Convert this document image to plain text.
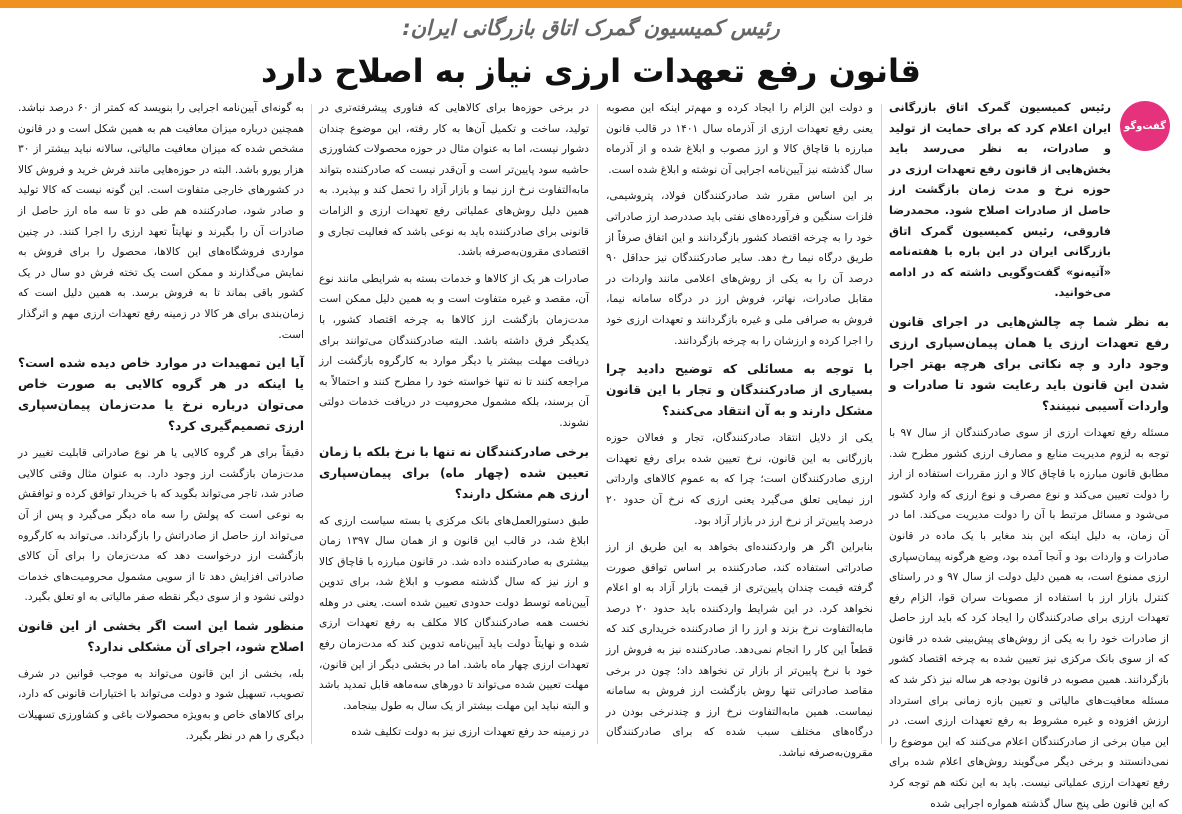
رئیس کمیسیون گمرک اتاق بازرگانی ایران:
قانون رفع تعهدات ارزی نیاز به اصلاح دارد
گفت‌وگو

رئیس کمیسیون گمرک اتاق بازرگانی ایران اعلام کرد که برای حمایت از تولید و صادرات، به نظر می‌رسد باید بخش‌هایی از قانون رفع تعهدات ارزی در حوزه نرخ و مدت زمان بازگشت ارز حاصل از صادرات اصلاح شود. محمدرضا فاروقی، رئیس کمیسیون گمرک اتاق بازرگانی ایران در این باره با هفته‌نامه «آتیه‌نو» گفت‌وگویی داشته که در ادامه می‌خوانید.

به نظر شما چه چالش‌هایی در اجرای قانون رفع تعهدات ارزی یا همان پیمان‌سپاری ارزی وجود دارد و چه نکاتی برای هرچه بهتر اجرا شدن این قانون باید رعایت شود تا صادرات و واردات آسیبی نبینند؟

مسئله رفع تعهدات ارزی از سوی صادرکنندگان از سال ۹۷ با توجه به لزوم مدیریت منابع و مصارف ارزی کشور مطرح شد. مطابق قانون مبارزه با قاچاق کالا و ارز مقررات استفاده از ارز را دولت تعیین می‌کند و نوع مصرف و نوع ارزی که وارد کشور می‌شود و مسائل مرتبط با آن را دولت مدیریت می‌کند. اما در آن زمان، به دلیل اینکه این بند مغایر با یک ماده در قانون صادرات و واردات بود و آنجا آمده بود، وضع هرگونه پیمان‌سپاری ارزی ممنوع است، به همین دلیل دولت از سال ۹۷ و در راستای کنترل بازار ارز با استفاده از مصوبات سران قوا، الزام رفع تعهدات ارزی برای صادرکنندگان را ایجاد کرد که باید ارز حاصل از صادرات خود را به یکی از روش‌های پیش‌بینی شده در قانون که از سوی بانک مرکزی نیز تعیین شده به چرخه اقتصاد کشور بازگردانند. همین مصوبه در قانون بودجه هر ساله نیز ذکر شد که مسئله معافیت‌های مالیاتی و تعیین بازه زمانی برای استرداد ارزش افزوده و غیره مشروط به رفع تعهدات ارزی است. در این میان برخی از صادرکنندگان اعلام می‌کنند که این موضوع را نمی‌دانستند و برخی دیگر می‌گویند روش‌های اعلام شده برای رفع تعهدات ارزی عملیاتی نیست. باید به این نکته هم توجه کرد که این قانون طی پنج سال گذشته همواره اجرایی شده

و دولت این الزام را ایجاد کرده و مهم‌تر اینکه این مصوبه یعنی رفع تعهدات ارزی از آذرماه سال ۱۴۰۱ در قالب قانون مبارزه با قاچاق کالا و ارز مصوب و ابلاغ شده و از آذرماه سال گذشته نیز آیین‌نامه اجرایی آن نوشته و ابلاغ شده است.

بر این اساس مقرر شد صادرکنندگان فولاد، پتروشیمی، فلزات سنگین و فرآورده‌های نفتی باید صددرصد ارز صادراتی خود را به چرخه اقتصاد کشور بازگردانند و این اتفاق صرفاً از طریق درگاه نیما رخ دهد. سایر صادرکنندگان نیز حداقل ۹۰ درصد آن را به یکی از روش‌های اعلامی مانند واردات در مقابل صادرات، نهاتر، فروش ارز در درگاه سامانه نیما، فروش به صرافی ملی و غیره بازگردانند و تعهدات ارزی خود را اجرا کرده و ارزشان را به چرخه بازگردانند.

با توجه به مسائلی که توضیح دادید چرا بسیاری از صادرکنندگان و تجار با این قانون مشکل دارند و به آن انتقاد می‌کنند؟

یکی از دلایل انتقاد صادرکنندگان، تجار و فعالان حوزه بازرگانی به این قانون، نرخ تعیین شده برای رفع تعهدات ارزی صادرکنندگان است؛ چرا که به عموم کالاهای وارداتی ارز نیمایی تعلق می‌گیرد یعنی ارزی که نرخ آن حدود ۲۰ درصد پایین‌تر از نرخ ارز در بازار آزاد بود.

بنابراین اگر هر وارد‌کننده‌ای بخواهد به این طریق از ارز صادراتی استفاده کند، صادرکننده بر اساس توافق صورت گرفته قیمت چندان پایین‌تری از قیمت بازار آزاد به او اعلام نخواهد کرد. در این شرایط وارد‌کننده باید حدود ۲۰ درصد مابه‌التفاوت نرخ بزند و ارز را از صادرکننده خریداری کند که قطعاً این کار را انجام نمی‌دهد. صادرکننده نیز به فروش ارز خود با نرخ پایین‌تر از بازار تن نخواهد داد؛ چون در برخی مقاصد صادراتی تنها روش بازگشت ارز فروش به سامانه نیماست. همین مابه‌التفاوت نرخ ارز و چندنرخی بودن در درگاه‌های مختلف سبب شده که برای صادرکنندگان مقرون‌به‌صرفه نباشد.

در برخی حوزه‌ها برای کالاهایی که فناوری پیشرفته‌تری در تولید، ساخت و تکمیل آن‌ها به کار رفته، این موضوع چندان دشوار نیست، اما به عنوان مثال در حوزه محصولات کشاورزی حاشیه سود پایین‌تر است و آن‌قدر نیست که صادرکننده بتواند مابه‌التفاوت نرخ ارز نیما و بازار آزاد را تحمل کند و بپذیرد. به همین دلیل روش‌های عملیاتی رفع تعهدات ارزی و الزامات قانونی برای صادرکننده باید به نوعی باشد که فعالیت تجاری و اقتصادی مقرون‌به‌صرفه باشد.

صادرات هر یک از کالاها و خدمات بسته به شرایطی مانند نوع آن، مقصد و غیره متفاوت است و به همین دلیل ممکن است مدت‌زمان بازگشت ارز کالاها به چرخه اقتصاد کشور، با یکدیگر فرق داشته باشد. البته صادرکنندگان می‌توانند برای دریافت مهلت بیشتر یا دیگر موارد به کارگروه بازگشت ارز مراجعه کنند تا نه تنها خواسته خود را مطرح کنند و احتمالاً به آن برسند، بلکه مشمول محرومیت در دریافت خدمات دولتی نشوند.

برخی صادرکنندگان نه تنها با نرخ بلکه با زمان تعیین شده (چهار ماه) برای پیمان‌سپاری ارزی هم مشکل دارند؟

طبق دستورالعمل‌های بانک مرکزی یا بسته سیاست ارزی که ابلاغ شد، در قالب این قانون و از همان سال ۱۳۹۷ زمان بیشتری به صادرکننده داده شد. در قانون مبارزه با قاچاق کالا و ارز نیز که سال گذشته مصوب و ابلاغ شد، برای تدوین آیین‌نامه توسط دولت حدودی تعیین شده است. یعنی در وهله نخست همه صادرکنندگان کالا مکلف به رفع تعهدات ارزی شده و نهایتاً دولت باید آیین‌نامه تدوین کند که مدت‌زمان رفع تعهدات ارزی چهار ماه باشد. اما در بخشی دیگر از این قانون، مهلت تعیین شده می‌تواند تا دورهای سه‌ماهه قابل تمدید باشد و البته نباید این مهلت بیشتر از یک سال به طول بینجامد.

در زمینه حد رفع تعهدات ارزی نیز به دولت تکلیف شده

به گونه‌ای آیین‌نامه اجرایی را بنویسد که کمتر از ۶۰ درصد نباشد. همچنین درباره میزان معافیت هم به همین شکل است و در قانون مشخص شده که میزان معافیت مالیاتی، سالانه نباید بیشتر از ۳۰ هزار یورو باشد. البته در حوزه‌هایی مانند فرش خرید و فروش کالا در کشورهای خارجی متفاوت است. این گونه نیست که کالا تولید و صادر شود، صادرکننده هم طی دو تا سه ماه ارز حاصل از صادرات آن را بگیرند و نهایتاً تعهد ارزی را اجرا کنند. در چنین مواردی فروشگاه‌های این کالاها، محصول را برای فروش به نمایش می‌گذارند و ممکن است یک تخته فرش دو سال در یک کشور باقی بماند تا به فروش برسد. به همین دلیل است که زمان‌بندی برای هر کالا در زمینه رفع تعهدات ارزی مهم و اثرگذار است.

آیا این تمهیدات در موارد خاص دیده شده است؟ یا اینکه در هر گروه کالایی به صورت خاص می‌توان درباره نرخ یا مدت‌زمان پیمان‌سپاری ارزی تصمیم‌گیری کرد؟

دقیقاً برای هر گروه کالایی یا هر نوع صادراتی قابلیت تغییر در مدت‌زمان بازگشت ارز وجود دارد. به عنوان مثال وقتی کالایی صادر شد، تاجر می‌تواند بگوید که با خریدار توافق کرده و توافقش به نوعی است که پولش را سه ماه دیگر می‌گیرد و پس از آن می‌تواند ارز حاصل از صادراتش را بازگرداند. می‌تواند به کارگروه بازگشت ارز درخواست دهد که مدت‌زمان را برای آن کالای صادراتی افزایش دهد تا از سویی مشمول محرومیت‌های خدمات دولتی نشود و از سوی دیگر نقطه صفر مالیاتی به او تعلق بگیرد.

منظور شما این است اگر بخشی از این قانون اصلاح شود، اجرای آن مشکلی ندارد؟

بله، بخشی از این قانون می‌تواند به موجب قوانین در شرف تصویب، تسهیل شود و دولت می‌تواند با اختیارات قانونی که دارد، برای کالاهای خاص و به‌ویژه محصولات باغی و کشاورزی تسهیلات دیگری را هم در نظر بگیرد.
